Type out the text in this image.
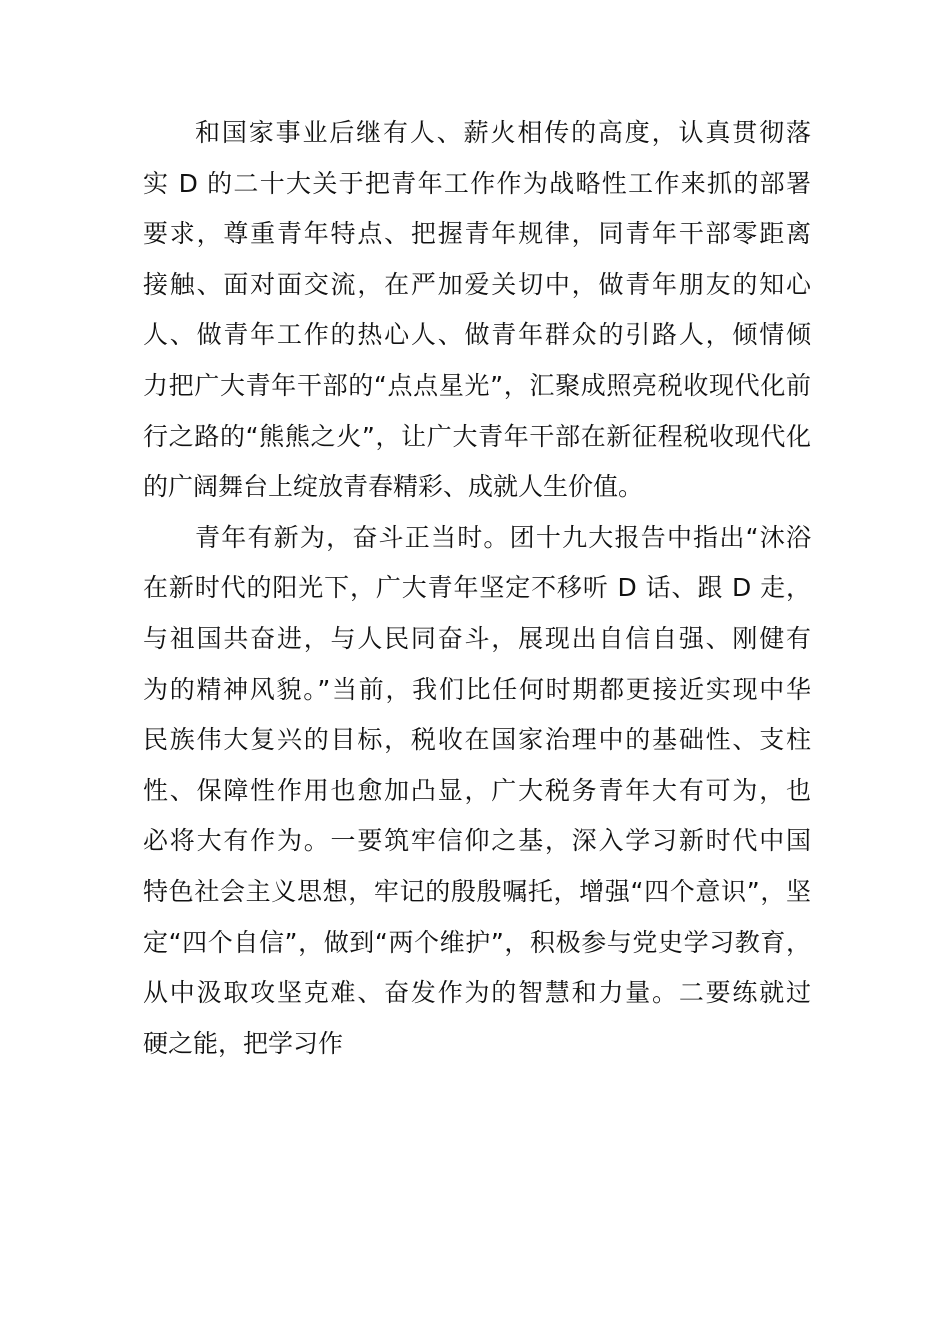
和国家事业后继有人、薪火相传的高度，认真贯彻落
实 D 的二十大关于把青年工作作为战略性工作来抓的部署
要求，尊重青年特点、把握青年规律，同青年干部零距离
接触、面对面交流，在严加爱关切中，做青年朋友的知心
人、做青年工作的热心人、做青年群众的引路人，倾情倾
力把广大青年干部的“点点星光”，汇聚成照亮税收现代化前
行之路的“熊熊之火”，让广大青年干部在新征程税收现代化
的广阔舞台上绽放青春精彩、成就人生价值。
青年有新为，奋斗正当时。团十九大报告中指出“沐浴
在新时代的阳光下，广大青年坚定不移听 D 话、跟 D 走，
与祖国共奋进，与人民同奋斗，展现出自信自强、刚健有
为的精神风貌。”当前，我们比任何时期都更接近实现中华
民族伟大复兴的目标，税收在国家治理中的基础性、支柱
性、保障性作用也愈加凸显，广大税务青年大有可为，也
必将大有作为。一要筑牢信仰之基，深入学习新时代中国
特色社会主义思想，牢记的殷殷嘱托，增强“四个意识”，坚
定“四个自信”，做到“两个维护”，积极参与党史学习教育，
从中汲取攻坚克难、奋发作为的智慧和力量。二要练就过
硬之能，把学习作
